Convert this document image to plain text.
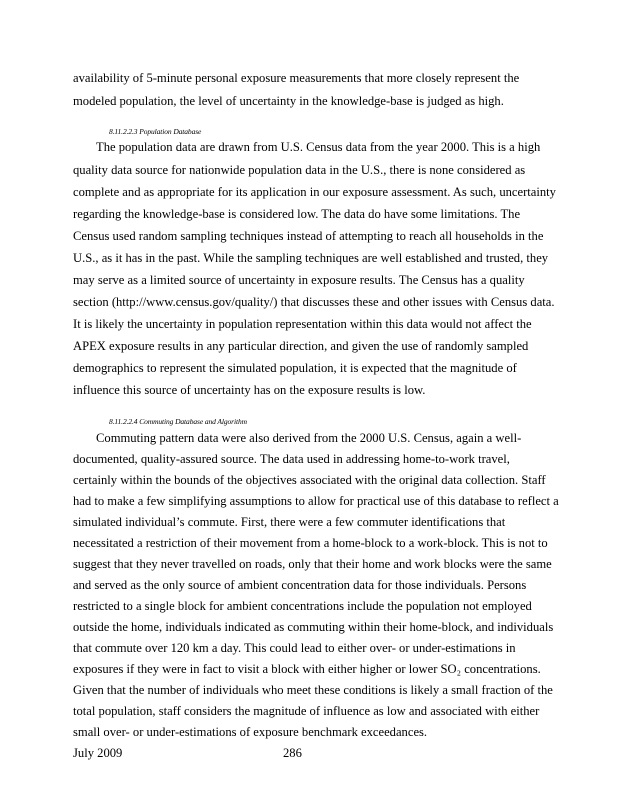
availability of 5-minute personal exposure measurements that more closely represent the

modeled population, the level of uncertainty in the knowledge-base is judged as high.

8.11.2.2.3 Population Database

The population data are drawn from U.S. Census data from the year 2000. This is a high

quality data source for nationwide population data in the U.S., there is none considered as

complete and as appropriate for its application in our exposure assessment. As such, uncertainty

regarding the knowledge-base is considered low. The data do have some limitations. The

Census used random sampling techniques instead of attempting to reach all households in the

U.S., as it has in the past. While the sampling techniques are well established and trusted, they

may serve as a limited source of uncertainty in exposure results. The Census has a quality

section (http://www.census.gov/quality/) that discusses these and other issues with Census data.

It is likely the uncertainty in population representation within this data would not affect the

APEX exposure results in any particular direction, and given the use of randomly sampled

demographics to represent the simulated population, it is expected that the magnitude of

influence this source of uncertainty has on the exposure results is low.

8.11.2.2.4 Commuting Database and Algorithm

Commuting pattern data were also derived from the 2000 U.S. Census, again a well-

documented, quality-assured source. The data used in addressing home-to-work travel,

certainly within the bounds of the objectives associated with the original data collection. Staff

had to make a few simplifying assumptions to allow for practical use of this database to reflect a

simulated individual’s commute. First, there were a few commuter identifications that

necessitated a restriction of their movement from a home-block to a work-block. This is not to

suggest that they never travelled on roads, only that their home and work blocks were the same

and served as the only source of ambient concentration data for those individuals. Persons

restricted to a single block for ambient concentrations include the population not employed

outside the home, individuals indicated as commuting within their home-block, and individuals

that commute over 120 km a day. This could lead to either over- or under-estimations in

exposures if they were in fact to visit a block with either higher or lower SO₂ concentrations.

Given that the number of individuals who meet these conditions is likely a small fraction of the

total population, staff considers the magnitude of influence as low and associated with either

July 2009	286

small over- or under-estimations of exposure benchmark exceedances.
